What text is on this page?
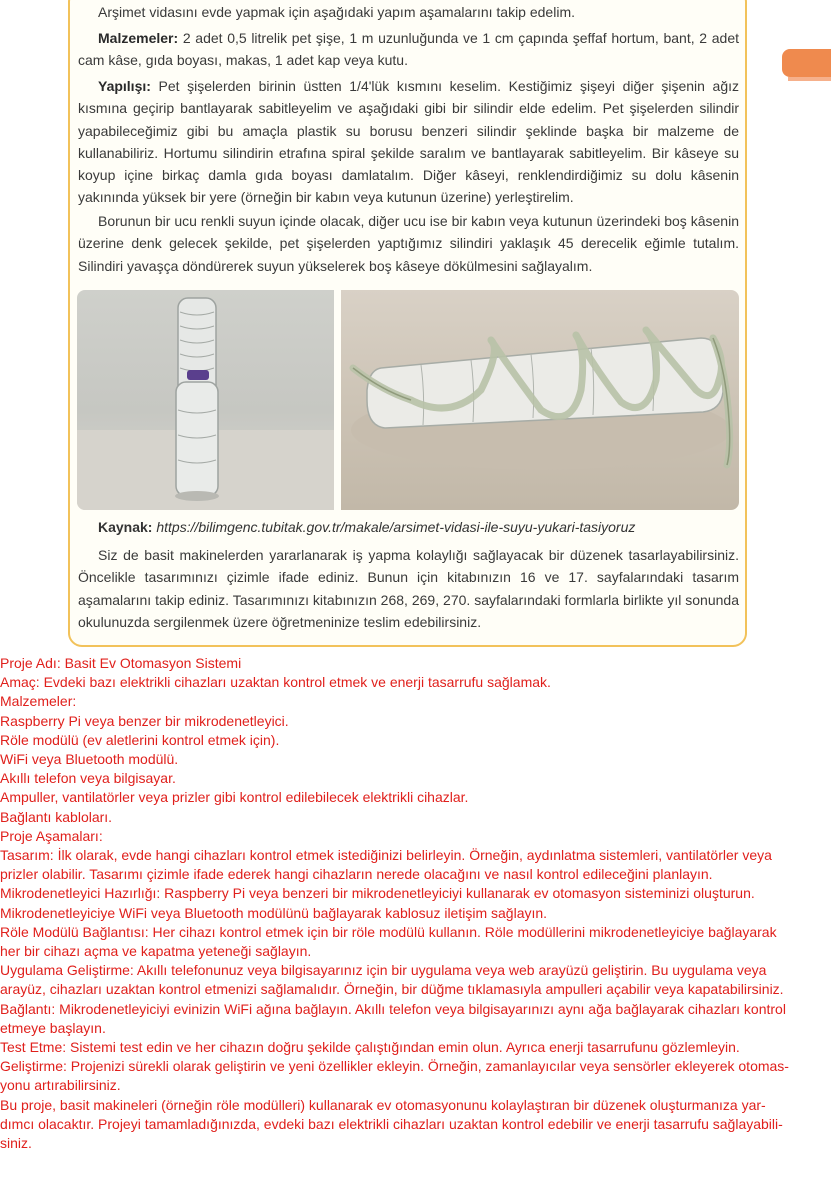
Arşimet vidasını evde yapmak için aşağıdaki yapım aşamalarını takip edelim.

Malzemeler: 2 adet 0,5 litrelik pet şişe, 1 m uzunluğunda ve 1 cm çapında şeffaf hortum, bant, 2 adet cam kâse, gıda boyası, makas, 1 adet kap veya kutu.

Yapılışı: Pet şişelerden birinin üstten 1/4'lük kısmını keselim. Kestiğimiz şişeyi diğer şişenin ağız kısmına geçirip bantlayarak sabitleyelim ve aşağıdaki gibi bir silindir elde edelim. Pet şişelerden silindir yapabileceğimiz gibi bu amaçla plastik su borusu benzeri silindir şeklinde başka bir malzeme de kullanabiliriz. Hortumu silindirin etrafına spiral şekilde saralım ve bantlayarak sabitleyelim. Bir kâseye su koyup içine birkaç damla gıda boyası damlatalım. Diğer kâseyi, renklendirdiğimiz su dolu kâsenin yakınında yüksek bir yere (örneğin bir kabın veya kutunun üzerine) yerleştirelim.

Borunun bir ucu renkli suyun içinde olacak, diğer ucu ise bir kabın veya kutunun üzerindeki boş kâsenin üzerine denk gelecek şekilde, pet şişelerden yaptığımız silindiri yaklaşık 45 derecelik eğimle tutalım. Silindiri yavaşça döndürerek suyun yükselerek boş kâseye dökülmesini sağlayalım.

Kaynak: https://bilimgenc.tubitak.gov.tr/makale/arsimet-vidasi-ile-suyu-yukari-tasiyoruz

Siz de basit makinelerden yararlanarak iş yapma kolaylığı sağlayacak bir düzenek tasarlayabilirsiniz. Öncelikle tasarımınızı çizimle ifade ediniz. Bunun için kitabınızın 16 ve 17. sayfalarındaki tasarım aşamalarını takip ediniz. Tasarımınızı kitabınızın 268, 269, 270. sayfalarındaki formlarla birlikte yıl sonunda okulunuzda sergilenmek üzere öğretmeninize teslim edebilirsiniz.

Proje Adı: Basit Ev Otomasyon Sistemi
Amaç: Evdeki bazı elektrikli cihazları uzaktan kontrol etmek ve enerji tasarrufu sağlamak.
Malzemeler:
Raspberry Pi veya benzer bir mikrodenetleyici.
Röle modülü (ev aletlerini kontrol etmek için).
WiFi veya Bluetooth modülü.
Akıllı telefon veya bilgisayar.
Ampuller, vantilatörler veya prizler gibi kontrol edilebilecek elektrikli cihazlar.
Bağlantı kabloları.
Proje Aşamaları:
Tasarım: İlk olarak, evde hangi cihazları kontrol etmek istediğinizi belirleyin. Örneğin, aydınlatma sistemleri, vantilatörler veya
prizler olabilir. Tasarımı çizimle ifade ederek hangi cihazların nerede olacağını ve nasıl kontrol edileceğini planlayın.
Mikrodenetleyici Hazırlığı: Raspberry Pi veya benzeri bir mikrodenetleyiciyi kullanarak ev otomasyon sisteminizi oluşturun.
Mikrodenetleyiciye WiFi veya Bluetooth modülünü bağlayarak kablosuz iletişim sağlayın.
Röle Modülü Bağlantısı: Her cihazı kontrol etmek için bir röle modülü kullanın. Röle modüllerini mikrodenetleyiciye bağlayarak
her bir cihazı açma ve kapatma yeteneği sağlayın.
Uygulama Geliştirme: Akıllı telefonunuz veya bilgisayarınız için bir uygulama veya web arayüzü geliştirin. Bu uygulama veya
arayüz, cihazları uzaktan kontrol etmenizi sağlamalıdır. Örneğin, bir düğme tıklamasıyla ampulleri açabilir veya kapatabilirsiniz.
Bağlantı: Mikrodenetleyiciyi evinizin WiFi ağına bağlayın. Akıllı telefon veya bilgisayarınızı aynı ağa bağlayarak cihazları kontrol
etmeye başlayın.
Test Etme: Sistemi test edin ve her cihazın doğru şekilde çalıştığından emin olun. Ayrıca enerji tasarrufunu gözlemleyin.
Geliştirme: Projenizi sürekli olarak geliştirin ve yeni özellikler ekleyin. Örneğin, zamanlayıcılar veya sensörler ekleyerek otomas-
yonu artırabilirsiniz.
Bu proje, basit makineleri (örneğin röle modülleri) kullanarak ev otomasyonunu kolaylaştıran bir düzenek oluşturmanıza yar-
dımcı olacaktır. Projeyi tamamladığınızda, evdeki bazı elektrikli cihazları uzaktan kontrol edebilir ve enerji tasarrufu sağlayabili-
siniz.
